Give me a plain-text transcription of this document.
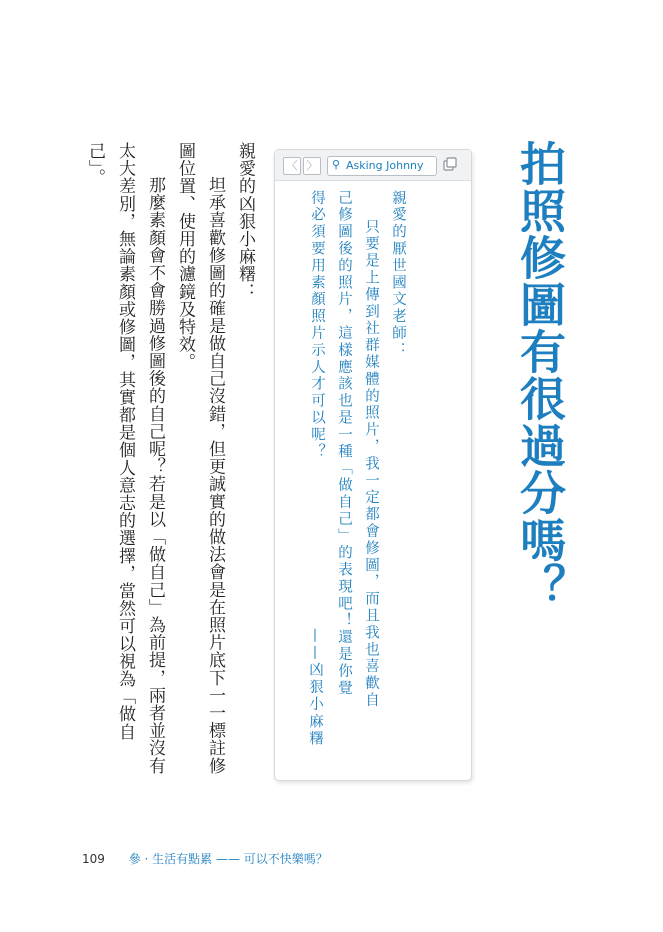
拍照修圖有很過分嗎？
〈 〉	⚲ Asking Johnny

親愛的厭世國文老師：

只要是上傳到社群媒體的照片，我一定都會修圖，而且我也喜歡自己修圖後的照片，這樣應該也是一種「做自己」的表現吧！還是你覺得必須要用素顏照片示人才可以呢？

——凶狠小麻糬

親愛的凶狠小麻糬：

坦承喜歡修圖的確是做自己沒錯，但更誠實的做法會是在照片底下一一標註修圖位置、使用的濾鏡及特效。

那麼素顏會不會勝過修圖後的自己呢？若是以「做自己」為前提，兩者並沒有太大差別，無論素顏或修圖，其實都是個人意志的選擇，當然可以視為「做自己」。

109 參 · 生活有點累 —— 可以不快樂嗎？
